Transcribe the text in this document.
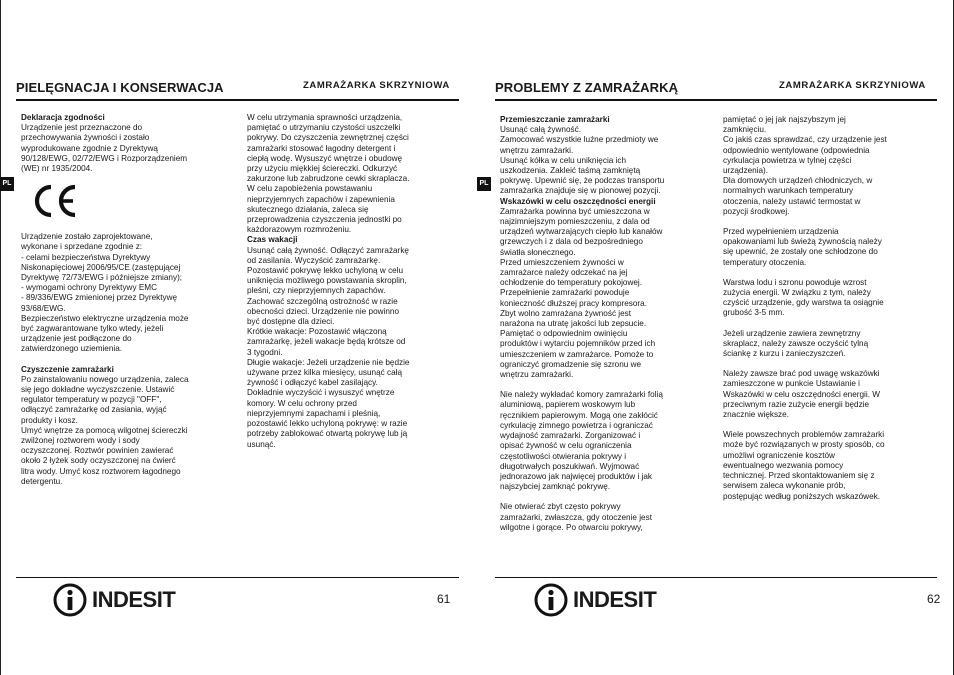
PIELĘGNACJA I KONSERWACJA	ZAMRAŻARKA SKRZYNIOWA
PL
Deklaracja zgodności

Urządzenie jest przeznaczone do
przechowywania żywności i zostało
wyprodukowane zgodnie z Dyrektywą
90/128/EWG, 02/72/EWG i Rozporządzeniem
(WE) nr 1935/2004.

Urządzenie zostało zaprojektowane,
wykonane i sprzedane zgodnie z:
- celami bezpieczeństwa Dyrektywy
Niskonapięciowej 2006/95/CE (zastępującej
Dyrektywę 72/73/EWG i późniejsze zmiany);
- wymogami ochrony Dyrektywy EMC
- 89/336/EWG zmienionej przez Dyrektywę
93/68/EWG.
Bezpieczeństwo elektryczne urządzenia może
być zagwarantowane tylko wtedy, jeżeli
urządzenie jest podłączone do
zatwierdzonego uziemienia.

Czyszczenie zamrażarki

Po zainstalowaniu nowego urządzenia, zaleca
się jego dokładne wyczyszczenie. Ustawić
regulator temperatury w pozycji "OFF",
odłączyć zamrażarkę od zasiania, wyjąć
produkty i kosz.
Umyć wnętrze za pomocą wilgotnej ściereczki
zwilżonej roztworem wody i sody
oczyszczonej. Roztwór powinien zawierać
około 2 łyżek sody oczyszczonej na ćwierć
litra wody. Umyć kosz roztworem łagodnego
detergentu.

W celu utrzymania sprawności urządzenia,
pamiętać o utrzymaniu czystości uszczelki
pokrywy. Do czyszczenia zewnętrznej części
zamrażarki stosować łagodny detergent i
ciepłą wodę. Wysuszyć wnętrze i obudowę
przy użyciu miękkiej ściereczki. Odkurzyć
zakurzone lub zabrudzone cewki skraplacza.
W celu zapobieżenia powstawaniu
nieprzyjemnych zapachów i zapewnienia
skutecznego działania, zaleca się
przeprowadzenia czyszczenia jednostki po
każdorazowym rozmrożeniu.

Czas wakacji

Usunąć całą żywność. Odłączyć zamrażarkę
od zasilania. Wyczyścić zamrażarkę.
Pozostawić pokrywę lekko uchyloną w celu
uniknięcia możliwego powstawania skroplin,
pleśni, czy nieprzyjemnych zapachów.
Zachować szczególną ostrożność w razie
obecności dzieci. Urządzenie nie powinno
być dostępne dla dzieci.
Krótkie wakacje: Pozostawić włączoną
zamrażarkę, jeżeli wakacje będą krótsze od
3 tygodni.
Długie wakacje: Jeżeli urządzenie nie będzie
używane przez kilka miesięcy, usunąć całą
żywność i odłączyć kabel zasilający.
Dokładnie wyczyścić i wysuszyć wnętrze
komory. W celu ochrony przed
nieprzyjemnymi zapachami i pleśnią,
pozostawić lekko uchyloną pokrywę: w razie
potrzeby zablokować otwartą pokrywę lub ją
usunąć.

INDESIT	61
PROBLEMY Z ZAMRAŻARKĄ	ZAMRAŻARKA SKRZYNIOWA
PL
Przemieszczanie zamrażarki

Usunąć całą żywność.
Zamocować wszystkie luźne przedmioty we
wnętrzu zamrażarki.
Usunąć kółka w celu uniknięcia ich
uszkodzenia. Zakleić taśmą zamkniętą
pokrywę. Upewnić się, że podczas transportu
zamrażarka znajduje się w pionowej pozycji.

Wskazówki w celu oszczędności energii

Zamrażarka powinna być umieszczona w
najzimniejszym pomieszczeniu, z dala od
urządzeń wytwarzających ciepło lub kanałów
grzewczych i z dala od bezpośredniego
światła słonecznego.
Przed umieszczeniem żywności w
zamrażarce należy odczekać na jej
ochłodzenie do temperatury pokojowej.
Przepełnienie zamrażarki powoduje
konieczność dłuższej pracy kompresora.
Zbyt wolno zamrażana żywność jest
narażona na utratę jakości lub zepsucie.
Pamiętać o odpowiednim owinięciu
produktów i wytarciu pojemników przed ich
umieszczeniem w zamrażarce. Pomoże to
ograniczyć gromadzenie się szronu we
wnętrzu zamrażarki.

Nie należy wykładać komory zamrażarki folią
aluminiową, papierem woskowym lub
ręcznikiem papierowym. Mogą one zakłócić
cyrkulację zimnego powietrza i ograniczać
wydajność zamrażarki. Zorganizować i
opisać żywność w celu ograniczenia
częstotliwości otwierania pokrywy i
długotrwałych poszukiwań. Wyjmować
jednorazowo jak najwięcej produktów i jak
najszybciej zamknąć pokrywę.

Nie otwierać zbyt często pokrywy
zamrażarki, zwłaszcza, gdy otoczenie jest
wilgotne i gorące. Po otwarciu pokrywy,

pamiętać o jej jak najszybszym jej
zamknięciu.
Co jakiś czas sprawdzać, czy urządzenie jest
odpowiednio wentylowane (odpowiednia
cyrkulacja powietrza w tylnej części
urządzenia).
Dla domowych urządzeń chłodniczych, w
normalnych warunkach temperatury
otoczenia, należy ustawić termostat w
pozycji środkowej.

Przed wypełnieniem urządzenia
opakowaniami lub świeżą żywnością należy
się upewnić, że zostały one schłodzone do
temperatury otoczenia.

Warstwa lodu i szronu powoduje wzrost
zużycia energii. W związku z tym, należy
czyścić urządzenie, gdy warstwa ta osiągnie
grubość 3-5 mm.

Jeżeli urządzenie zawiera zewnętrzny
skraplacz, należy zawsze oczyścić tylną
ściankę z kurzu i zanieczyszczeń.

Należy zawsze brać pod uwagę wskazówki
zamieszczone w punkcie Ustawianie i
Wskazówki w celu oszczędności energii. W
przeciwnym razie zużycie energii będzie
znacznie większe.

Wiele powszechnych problemów zamrażarki
może być rozwiązanych w prosty sposób, co
umożliwi ograniczenie kosztów
ewentualnego wezwania pomocy
technicznej. Przed skontaktowaniem się z
serwisem zaleca wykonanie prób,
postępując według poniższych wskazówek.

INDESIT	62
